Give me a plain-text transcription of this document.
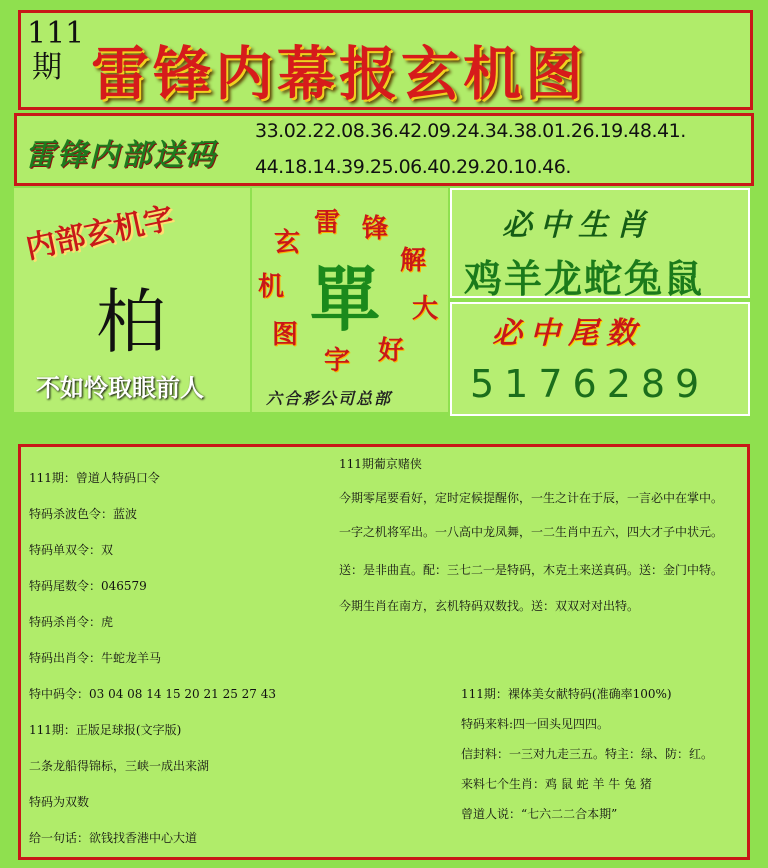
111期 雷锋内幕报玄机图
雷锋内部送码
33.02.22.08.36.42.09.24.34.38.01.26.19.48.41.
44.18.14.39.25.06.40.29.20.10.46.
内部玄机字
柏
不如怜取眼前人
雷 锋
解
大
好
字
图
机
玄
單
六合彩公司总部
必中生肖
鸡羊龙蛇兔鼠
必中尾数
5176289
111期：曾道人特码口令
特码杀波色令：蓝波
特码单双令：双
特码尾数令：046579
特码杀肖令：虎
特码出肖令：牛蛇龙羊马
特中码令：03 04 08 14 15 20 21 25 27 43
111期：正版足球报(文字版)
二条龙船得锦标，三峡一成出来湖
特码为双数
给一句话：欲钱找香港中心大道
111期葡京赌侠
今期零尾要看好，定时定候提醒你，一生之计在于辰，一言必中在掌中。
一字之机将军出。一八高中龙凤舞，一二生肖中五六，四大才子中状元。
送：是非曲直。配：三七二一是特码，木克土来送真码。送：金门中特。
今期生肖在南方，玄机特码双数找。送：双双对对出特。
111期：裸体美女献特码(准确率100%)
特码来料:四一回头见四四。
信封料：一三对九走三五。特主：绿、防：红。
来料七个生肖：鸡 鼠 蛇 羊 牛 兔 猪
曾道人说：“七六二二合本期”
